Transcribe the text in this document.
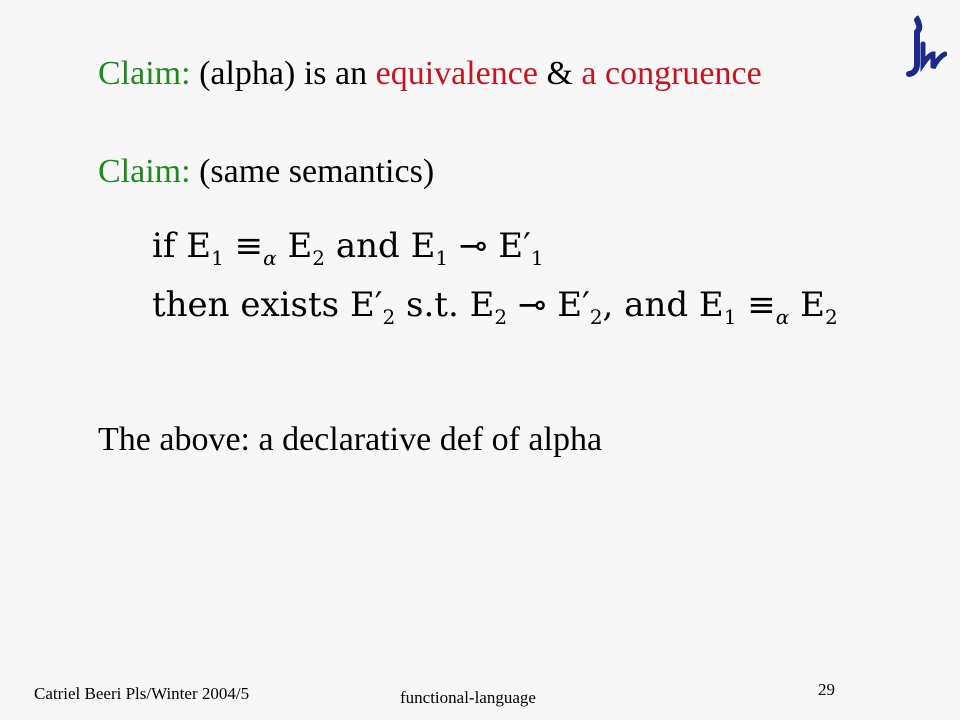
Claim: (alpha) is an equivalence & a congruence
Claim: (same semantics)
if $E_1 \equiv_\alpha$ $E_2$ and $E_1$ ⊸ $E'_1$
then exists $E'_2$ s.t. $E_2$ ⊸ $E'_2$, and $E_1 \equiv_\alpha$ $E_2$
The above: a declarative def of alpha
Catriel Beeri Pls/Winter 2004/5	functional-language	29
